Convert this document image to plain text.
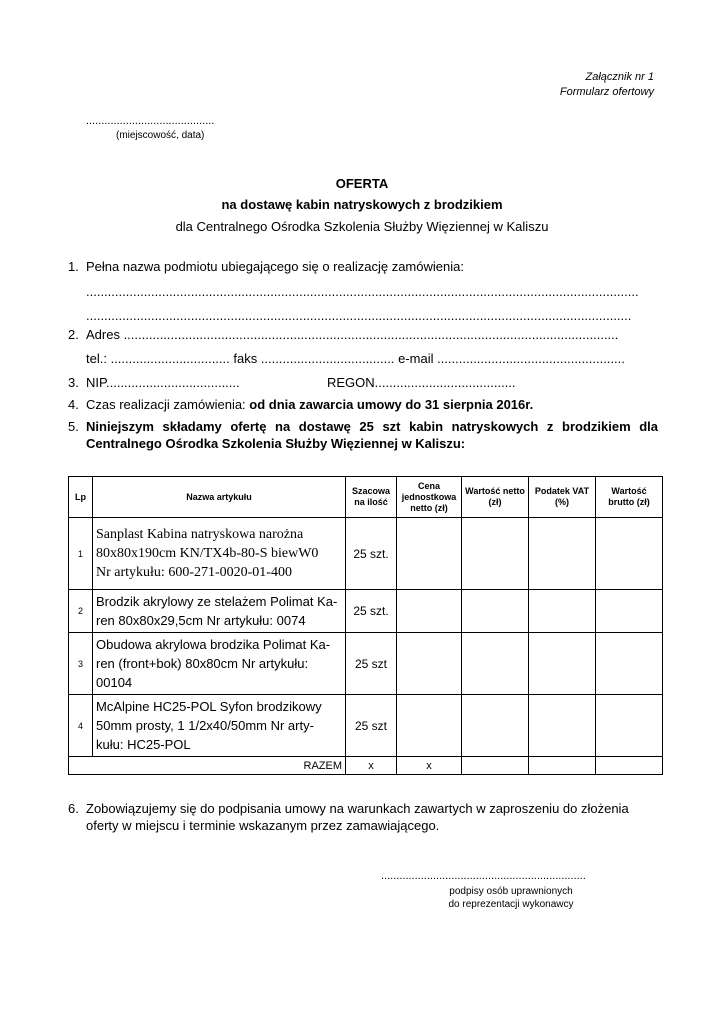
Załącznik nr 1
Formularz ofertowy
..........................................
(miejscowość, data)
OFERTA
na dostawę kabin natryskowych z brodzikiem
dla Centralnego Ośrodka Szkolenia Służby Więziennej w Kaliszu
1. Pełna nazwa podmiotu ubiegającego się o realizację zamówienia:
.........................................................................................................................................................
.......................................................................................................................................................
2. Adres .........................................................................................................................................
tel.: ................................. faks ..................................... e-mail ....................................................
3. NIP.....................................	REGON.......................................
4. Czas realizacji zamówienia: od dnia zawarcia umowy do 31 sierpnia 2016r.
5. Niniejszym składamy ofertę na dostawę 25 szt kabin natryskowych z brodzikiem dla
Centralnego Ośrodka Szkolenia Służby Więziennej w Kaliszu:
Lp	Nazwa artykułu	Szacowa na ilość	Cena jednostkowa netto (zł)	Wartość netto (zł)	Podatek VAT (%)	Wartość brutto (zł)
1	Sanplast Kabina natryskowa narożna
80x80x190cm KN/TX4b-80-S biewW0
Nr artykułu: 600-271-0020-01-400	25 szt.				
2	Brodzik akrylowy ze stelażem Polimat Ka-
ren 80x80x29,5cm Nr artykułu: 0074	25 szt.				
3	Obudowa akrylowa brodzika Polimat Ka-
ren (front+bok) 80x80cm Nr artykułu:
00104	25 szt				
4	McAlpine HC25-POL Syfon brodzikowy
50mm prosty, 1 1/2x40/50mm Nr arty-
kułu: HC25-POL	25 szt				
RAZEM		x	x			
6. Zobowiązujemy się do podpisania umowy na warunkach zawartych w zaproszeniu do złożenia
oferty w miejscu i terminie wskazanym przez zamawiającego.
...................................................................
podpisy osób uprawnionych
do reprezentacji wykonawcy
